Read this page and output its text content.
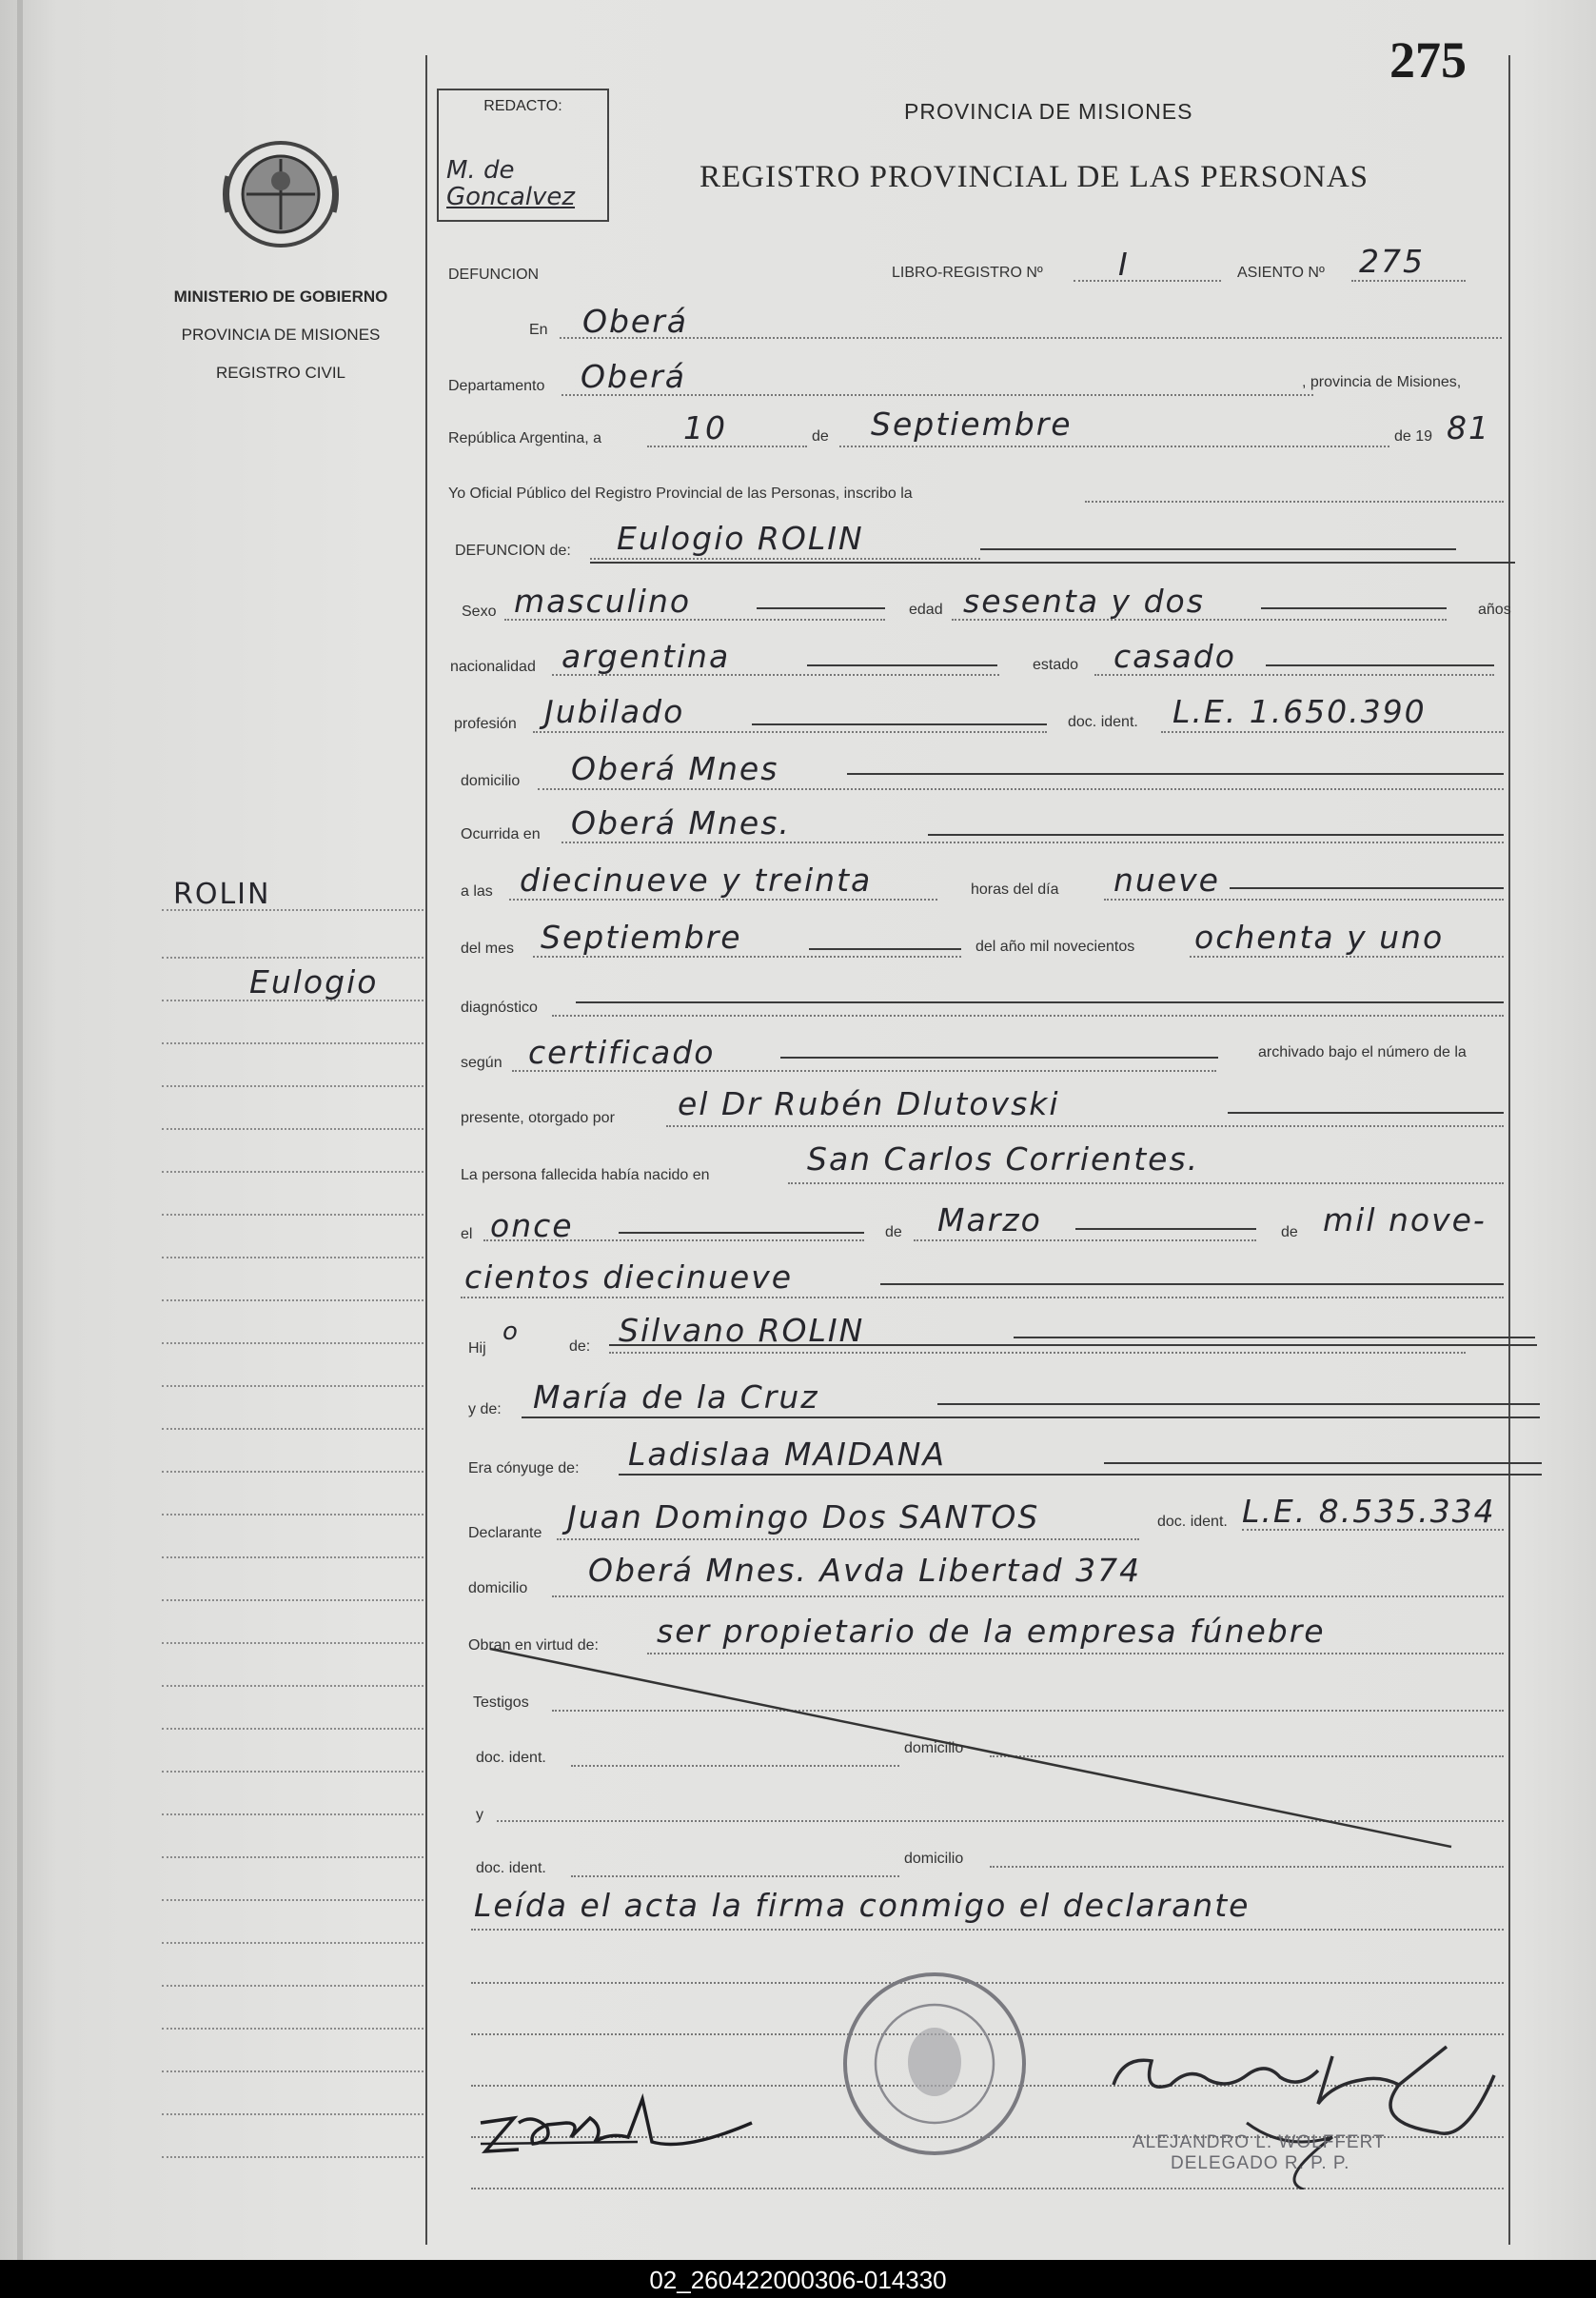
275
REDACTO:
M. de
Goncalvez
PROVINCIA DE MISIONES
REGISTRO PROVINCIAL DE LAS PERSONAS
MINISTERIO DE GOBIERNO
PROVINCIA DE MISIONES
REGISTRO CIVIL
ROLIN
Eulogio
DEFUNCION	LIBRO-REGISTRO Nº I	ASIENTO Nº 275
En Oberá
Departamento Oberá	, provincia de Misiones,
República Argentina, a	10	de Septiembre	de 19 81
Yo Oficial Público del Registro Provincial de las Personas, inscribo la
DEFUNCION de: Eulogio ROLIN
Sexo masculino	edad sesenta y dos	años
nacionalidad argentina	estado casado
profesión Jubilado	doc. ident. L.E. 1.650.390
domicilio Oberá Mnes
Ocurrida en Oberá Mnes.
a las diecinueve y treinta	horas del día nueve
del mes Septiembre	del año mil novecientos ochenta y uno
diagnóstico
según certificado	archivado bajo el número de la
presente, otorgado por el Dr Rubén Dlutovski
La persona fallecida había nacido en	San Carlos Corrientes.
el once	de Marzo	de mil nove-
cientos diecinueve
Hij
o
de: Silvano ROLIN
y de: María de la Cruz
Era cónyuge de: Ladislaa MAIDANA
Declarante Juan Domingo Dos SANTOS	doc. ident. L.E. 8.535.334
domicilio Oberá Mnes. Avda Libertad 374
Obran en virtud de: ser propietario de la empresa fúnebre
Testigos
doc. ident.
domicilio
y
doc. ident.
domicilio
Leída el acta la firma conmigo el declarante
ALEJANDRO L. WOLFFERT
DELEGADO R. P. P.
02_260422000306-014330
